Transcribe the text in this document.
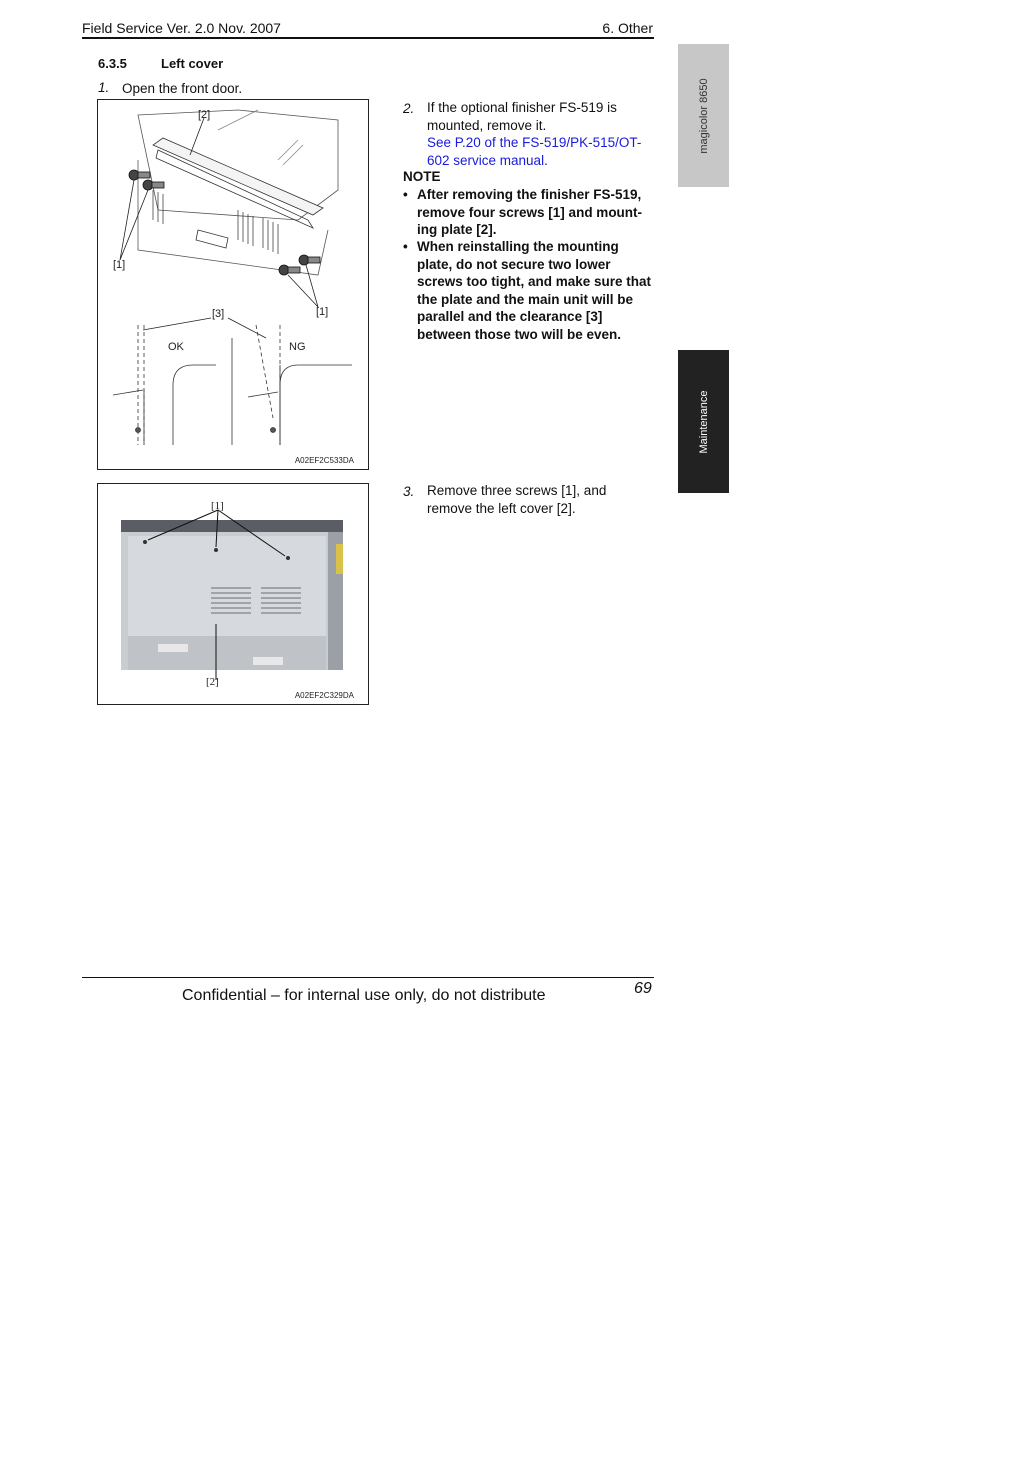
Field Service Ver. 2.0 Nov. 2007	6. Other
6.3.5	Left cover
1. Open the front door.
[2]
[1]
[1]
[3]
OK	NG
A02EF2C533DA
2. If the optional finisher FS-519 is mounted, remove it.
See P.20 of the FS-519/PK-515/OT-602 service manual.
NOTE
• After removing the finisher FS-519, remove four screws [1] and mount-ing plate [2].
• When reinstalling the mounting plate, do not secure two lower screws too tight, and make sure that the plate and the main unit will be parallel and the clearance [3] between those two will be even.
[1]
[2]
A02EF2C329DA
3. Remove three screws [1], and remove the left cover [2].
magicolor 8650
Maintenance
Confidential – for internal use only, do not distribute	69
